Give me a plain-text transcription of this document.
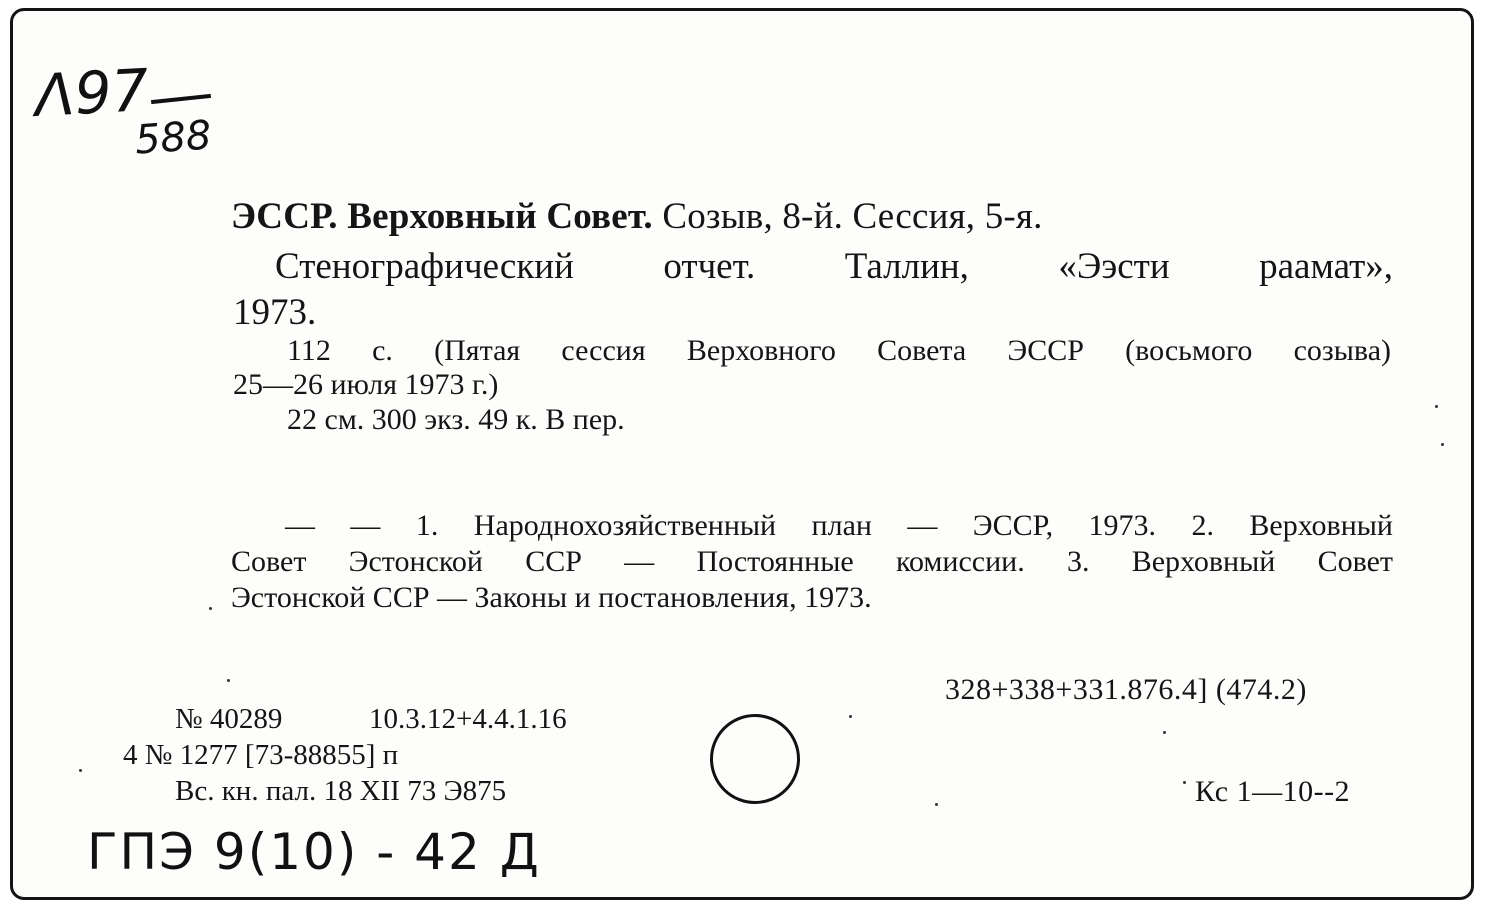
Λ97
588
ЭССР. Верховный Совет. Созыв, 8-й. Сессия, 5-я.
Стенографический отчет. Таллин, «Ээсти раамат»,
1973.
112 с. (Пятая сессия Верховного Совета ЭССР (восьмого созыва)
25—26 июля 1973 г.)
22 см. 300 экз. 49 к. В пер.
— — 1. Народнохозяйственный план — ЭССР, 1973. 2. Верховный
Совет Эстонской ССР — Постоянные комиссии. 3. Верховный Совет
Эстонской ССР — Законы и постановления, 1973.
328+338+331.876.4] (474.2)
№ 40289	10.3.12+4.4.1.16
4 № 1277 [73-88855] п
Вс. кн. пал. 18 XII 73 Э875	Кс 1—10--2
ГПЭ 9(10) - 42 Д
